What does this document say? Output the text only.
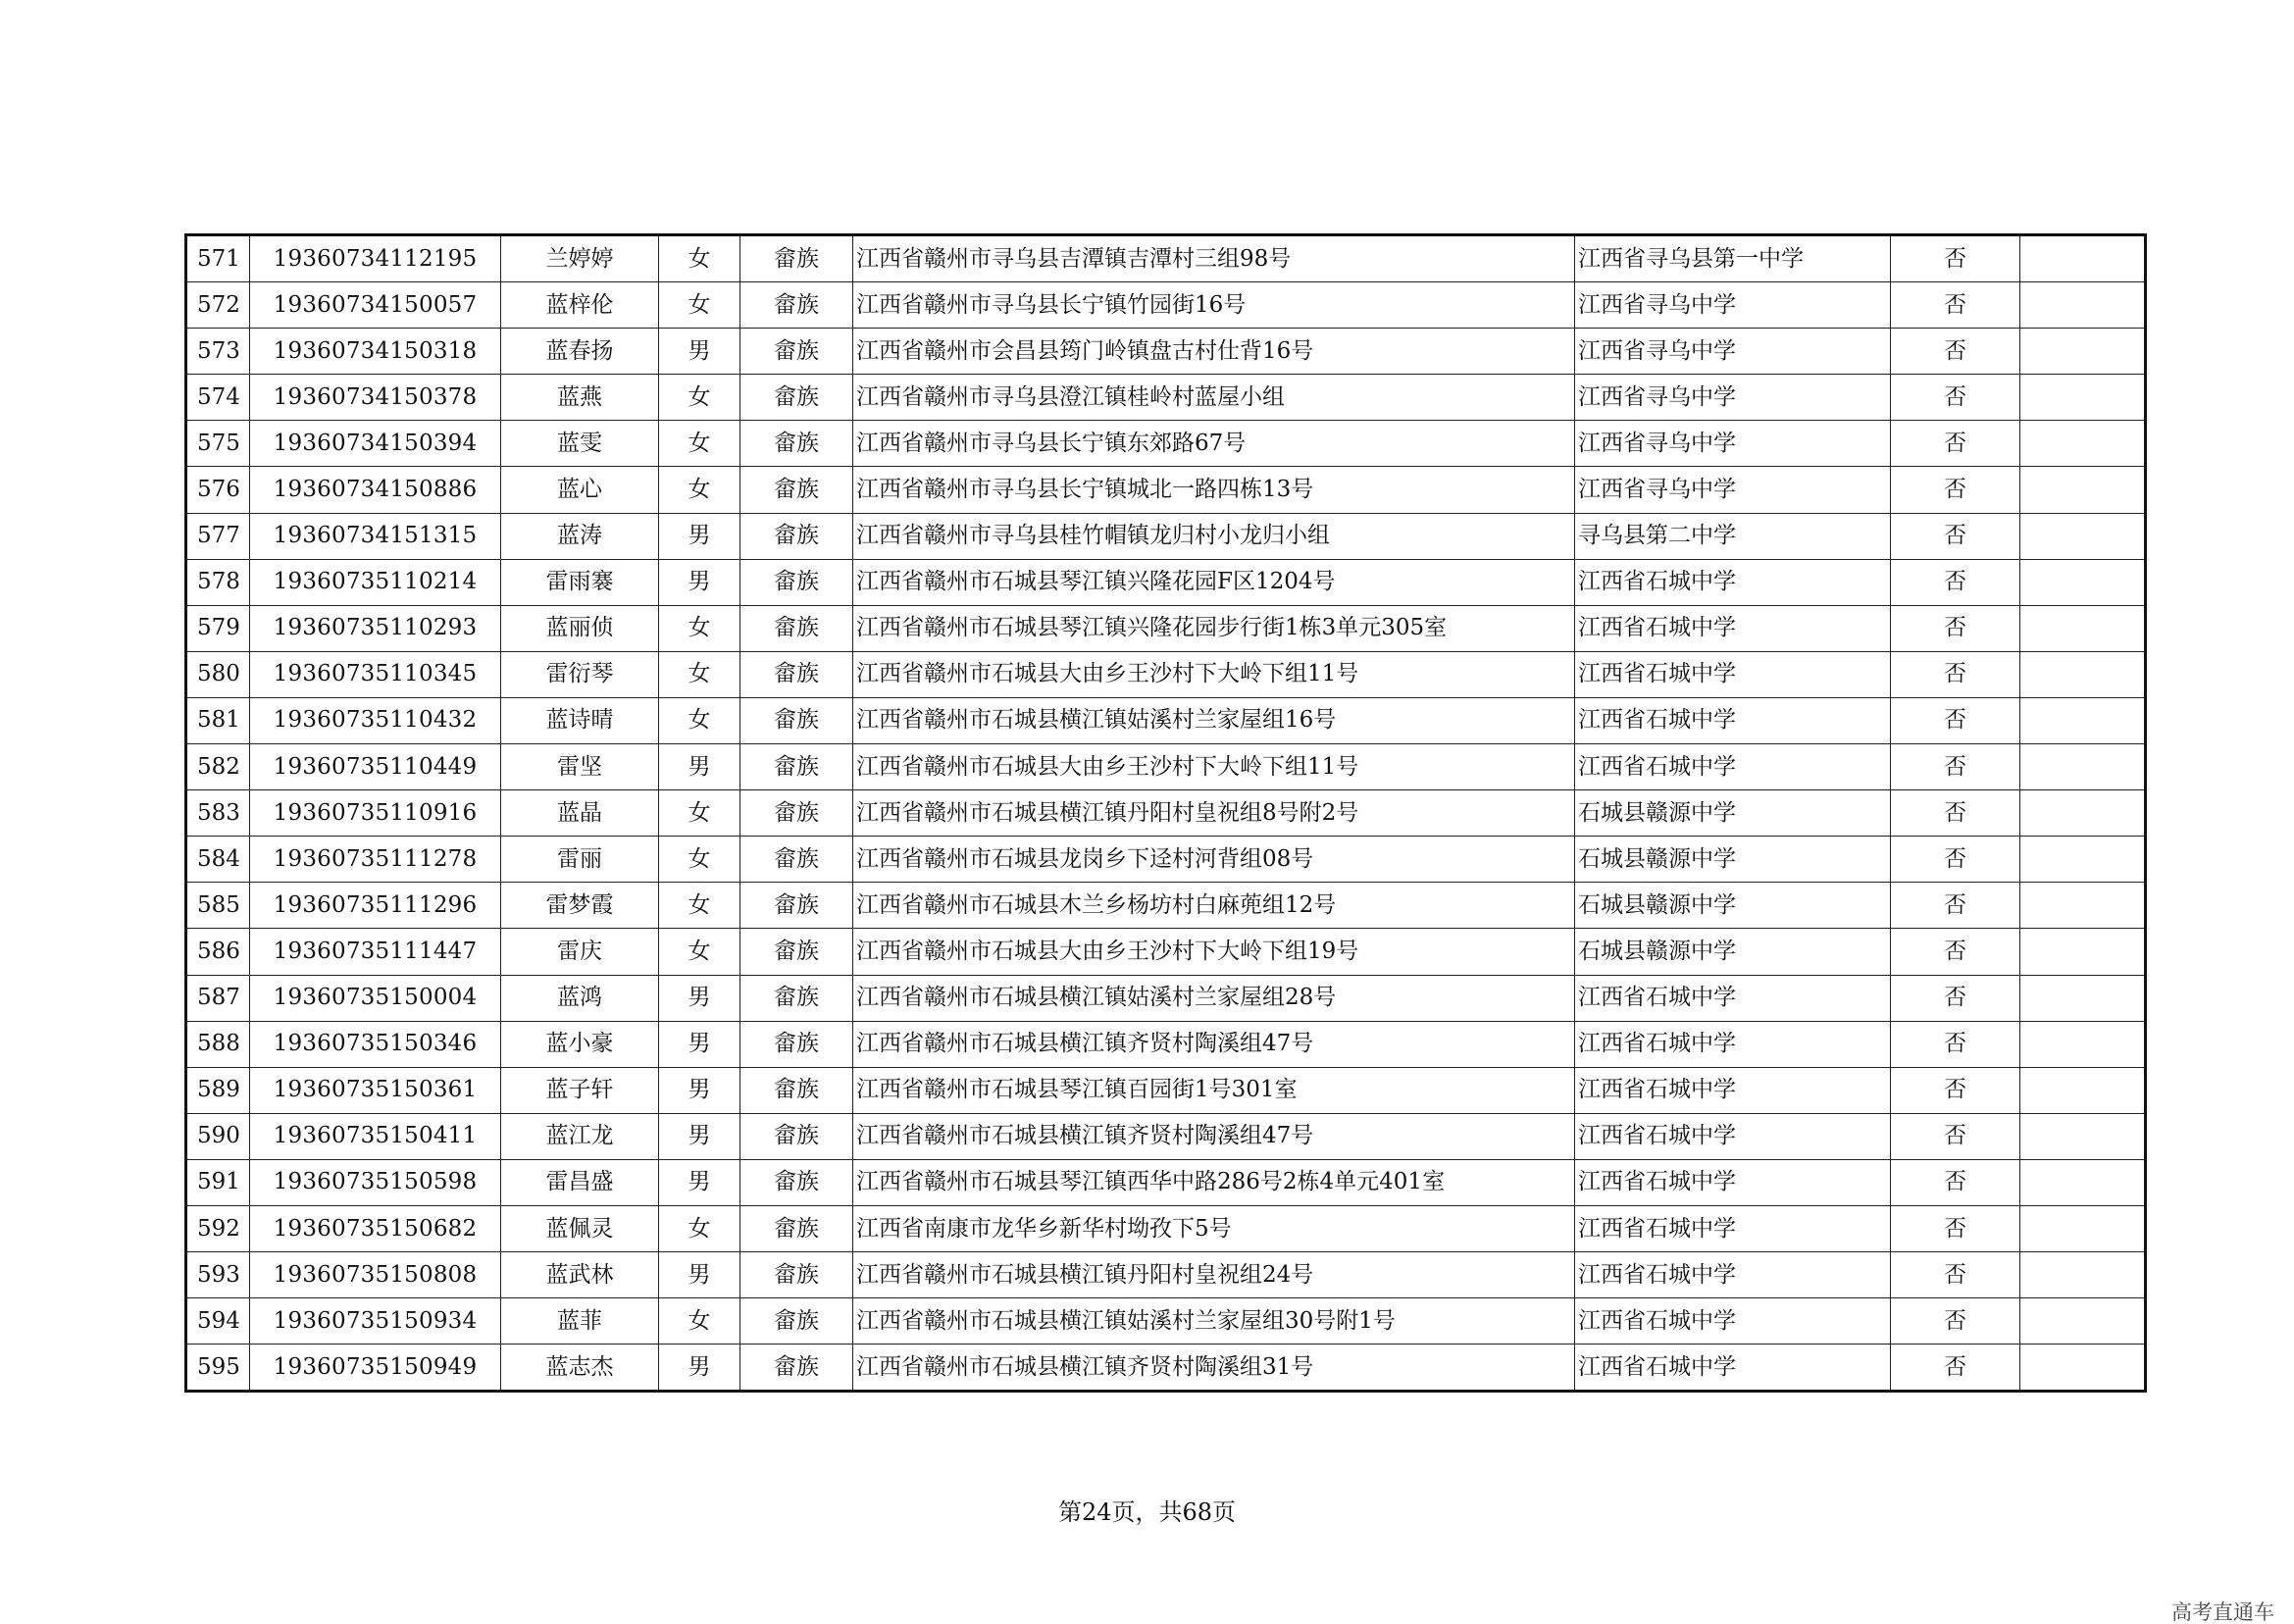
571	19360734112195	兰婷婷	女	畲族	江西省赣州市寻乌县吉潭镇吉潭村三组98号	江西省寻乌县第一中学	否	
572	19360734150057	蓝梓伦	女	畲族	江西省赣州市寻乌县长宁镇竹园街16号	江西省寻乌中学	否	
573	19360734150318	蓝春扬	男	畲族	江西省赣州市会昌县筠门岭镇盘古村仕背16号	江西省寻乌中学	否	
574	19360734150378	蓝燕	女	畲族	江西省赣州市寻乌县澄江镇桂岭村蓝屋小组	江西省寻乌中学	否	
575	19360734150394	蓝雯	女	畲族	江西省赣州市寻乌县长宁镇东郊路67号	江西省寻乌中学	否	
576	19360734150886	蓝心	女	畲族	江西省赣州市寻乌县长宁镇城北一路四栋13号	江西省寻乌中学	否	
577	19360734151315	蓝涛	男	畲族	江西省赣州市寻乌县桂竹帽镇龙归村小龙归小组	寻乌县第二中学	否	
578	19360735110214	雷雨褰	男	畲族	江西省赣州市石城县琴江镇兴隆花园F区1204号	江西省石城中学	否	
579	19360735110293	蓝丽侦	女	畲族	江西省赣州市石城县琴江镇兴隆花园步行街1栋3单元305室	江西省石城中学	否	
580	19360735110345	雷衍琴	女	畲族	江西省赣州市石城县大由乡王沙村下大岭下组11号	江西省石城中学	否	
581	19360735110432	蓝诗晴	女	畲族	江西省赣州市石城县横江镇姑溪村兰家屋组16号	江西省石城中学	否	
582	19360735110449	雷坚	男	畲族	江西省赣州市石城县大由乡王沙村下大岭下组11号	江西省石城中学	否	
583	19360735110916	蓝晶	女	畲族	江西省赣州市石城县横江镇丹阳村皇祝组8号附2号	石城县赣源中学	否	
584	19360735111278	雷丽	女	畲族	江西省赣州市石城县龙岗乡下迳村河背组08号	石城县赣源中学	否	
585	19360735111296	雷梦霞	女	畲族	江西省赣州市石城县木兰乡杨坊村白麻蔸组12号	石城县赣源中学	否	
586	19360735111447	雷庆	女	畲族	江西省赣州市石城县大由乡王沙村下大岭下组19号	石城县赣源中学	否	
587	19360735150004	蓝鸿	男	畲族	江西省赣州市石城县横江镇姑溪村兰家屋组28号	江西省石城中学	否	
588	19360735150346	蓝小豪	男	畲族	江西省赣州市石城县横江镇齐贤村陶溪组47号	江西省石城中学	否	
589	19360735150361	蓝子轩	男	畲族	江西省赣州市石城县琴江镇百园街1号301室	江西省石城中学	否	
590	19360735150411	蓝江龙	男	畲族	江西省赣州市石城县横江镇齐贤村陶溪组47号	江西省石城中学	否	
591	19360735150598	雷昌盛	男	畲族	江西省赣州市石城县琴江镇西华中路286号2栋4单元401室	江西省石城中学	否	
592	19360735150682	蓝佩灵	女	畲族	江西省南康市龙华乡新华村坳孜下5号	江西省石城中学	否	
593	19360735150808	蓝武林	男	畲族	江西省赣州市石城县横江镇丹阳村皇祝组24号	江西省石城中学	否	
594	19360735150934	蓝菲	女	畲族	江西省赣州市石城县横江镇姑溪村兰家屋组30号附1号	江西省石城中学	否	
595	19360735150949	蓝志杰	男	畲族	江西省赣州市石城县横江镇齐贤村陶溪组31号	江西省石城中学	否	
第24页，共68页
高考直通车
